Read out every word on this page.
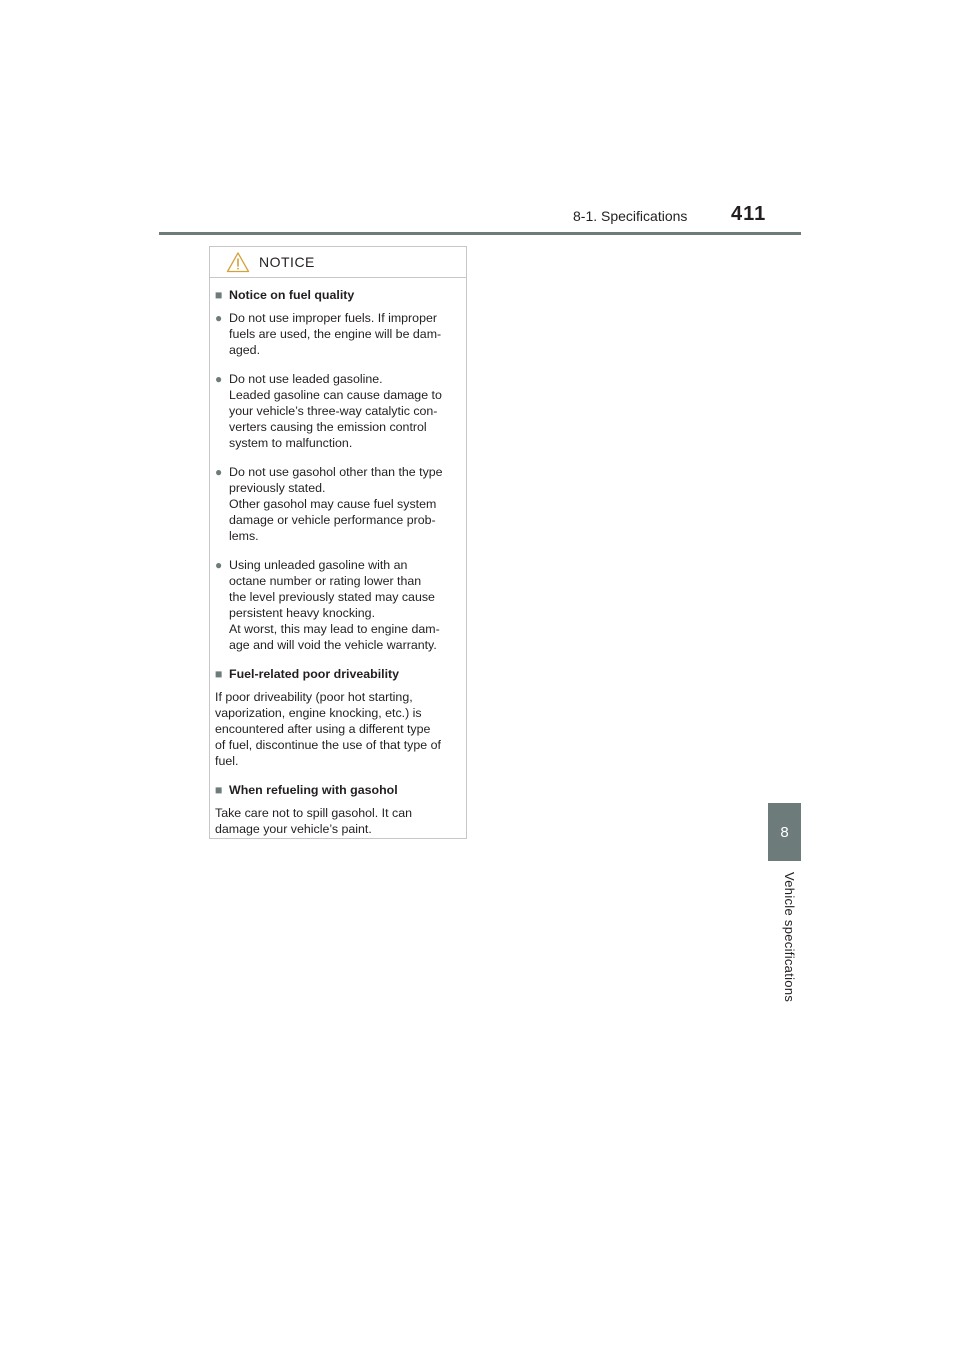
8-1. Specifications 411
8
Vehicle specifications
NOTICE
■ Notice on fuel quality
● Do not use improper fuels. If improper
fuels are used, the engine will be dam-
aged.
● Do not use leaded gasoline.
Leaded gasoline can cause damage to
your vehicle’s three-way catalytic con-
verters causing the emission control
system to malfunction.
● Do not use gasohol other than the type
previously stated.
Other gasohol may cause fuel system
damage or vehicle performance prob-
lems.
● Using unleaded gasoline with an
octane number or rating lower than
the level previously stated may cause
persistent heavy knocking.
At worst, this may lead to engine dam-
age and will void the vehicle warranty.
■ Fuel-related poor driveability
If poor driveability (poor hot starting,
vaporization, engine knocking, etc.) is
encountered after using a different type
of fuel, discontinue the use of that type of
fuel.
■ When refueling with gasohol
Take care not to spill gasohol. It can
damage your vehicle’s paint.
